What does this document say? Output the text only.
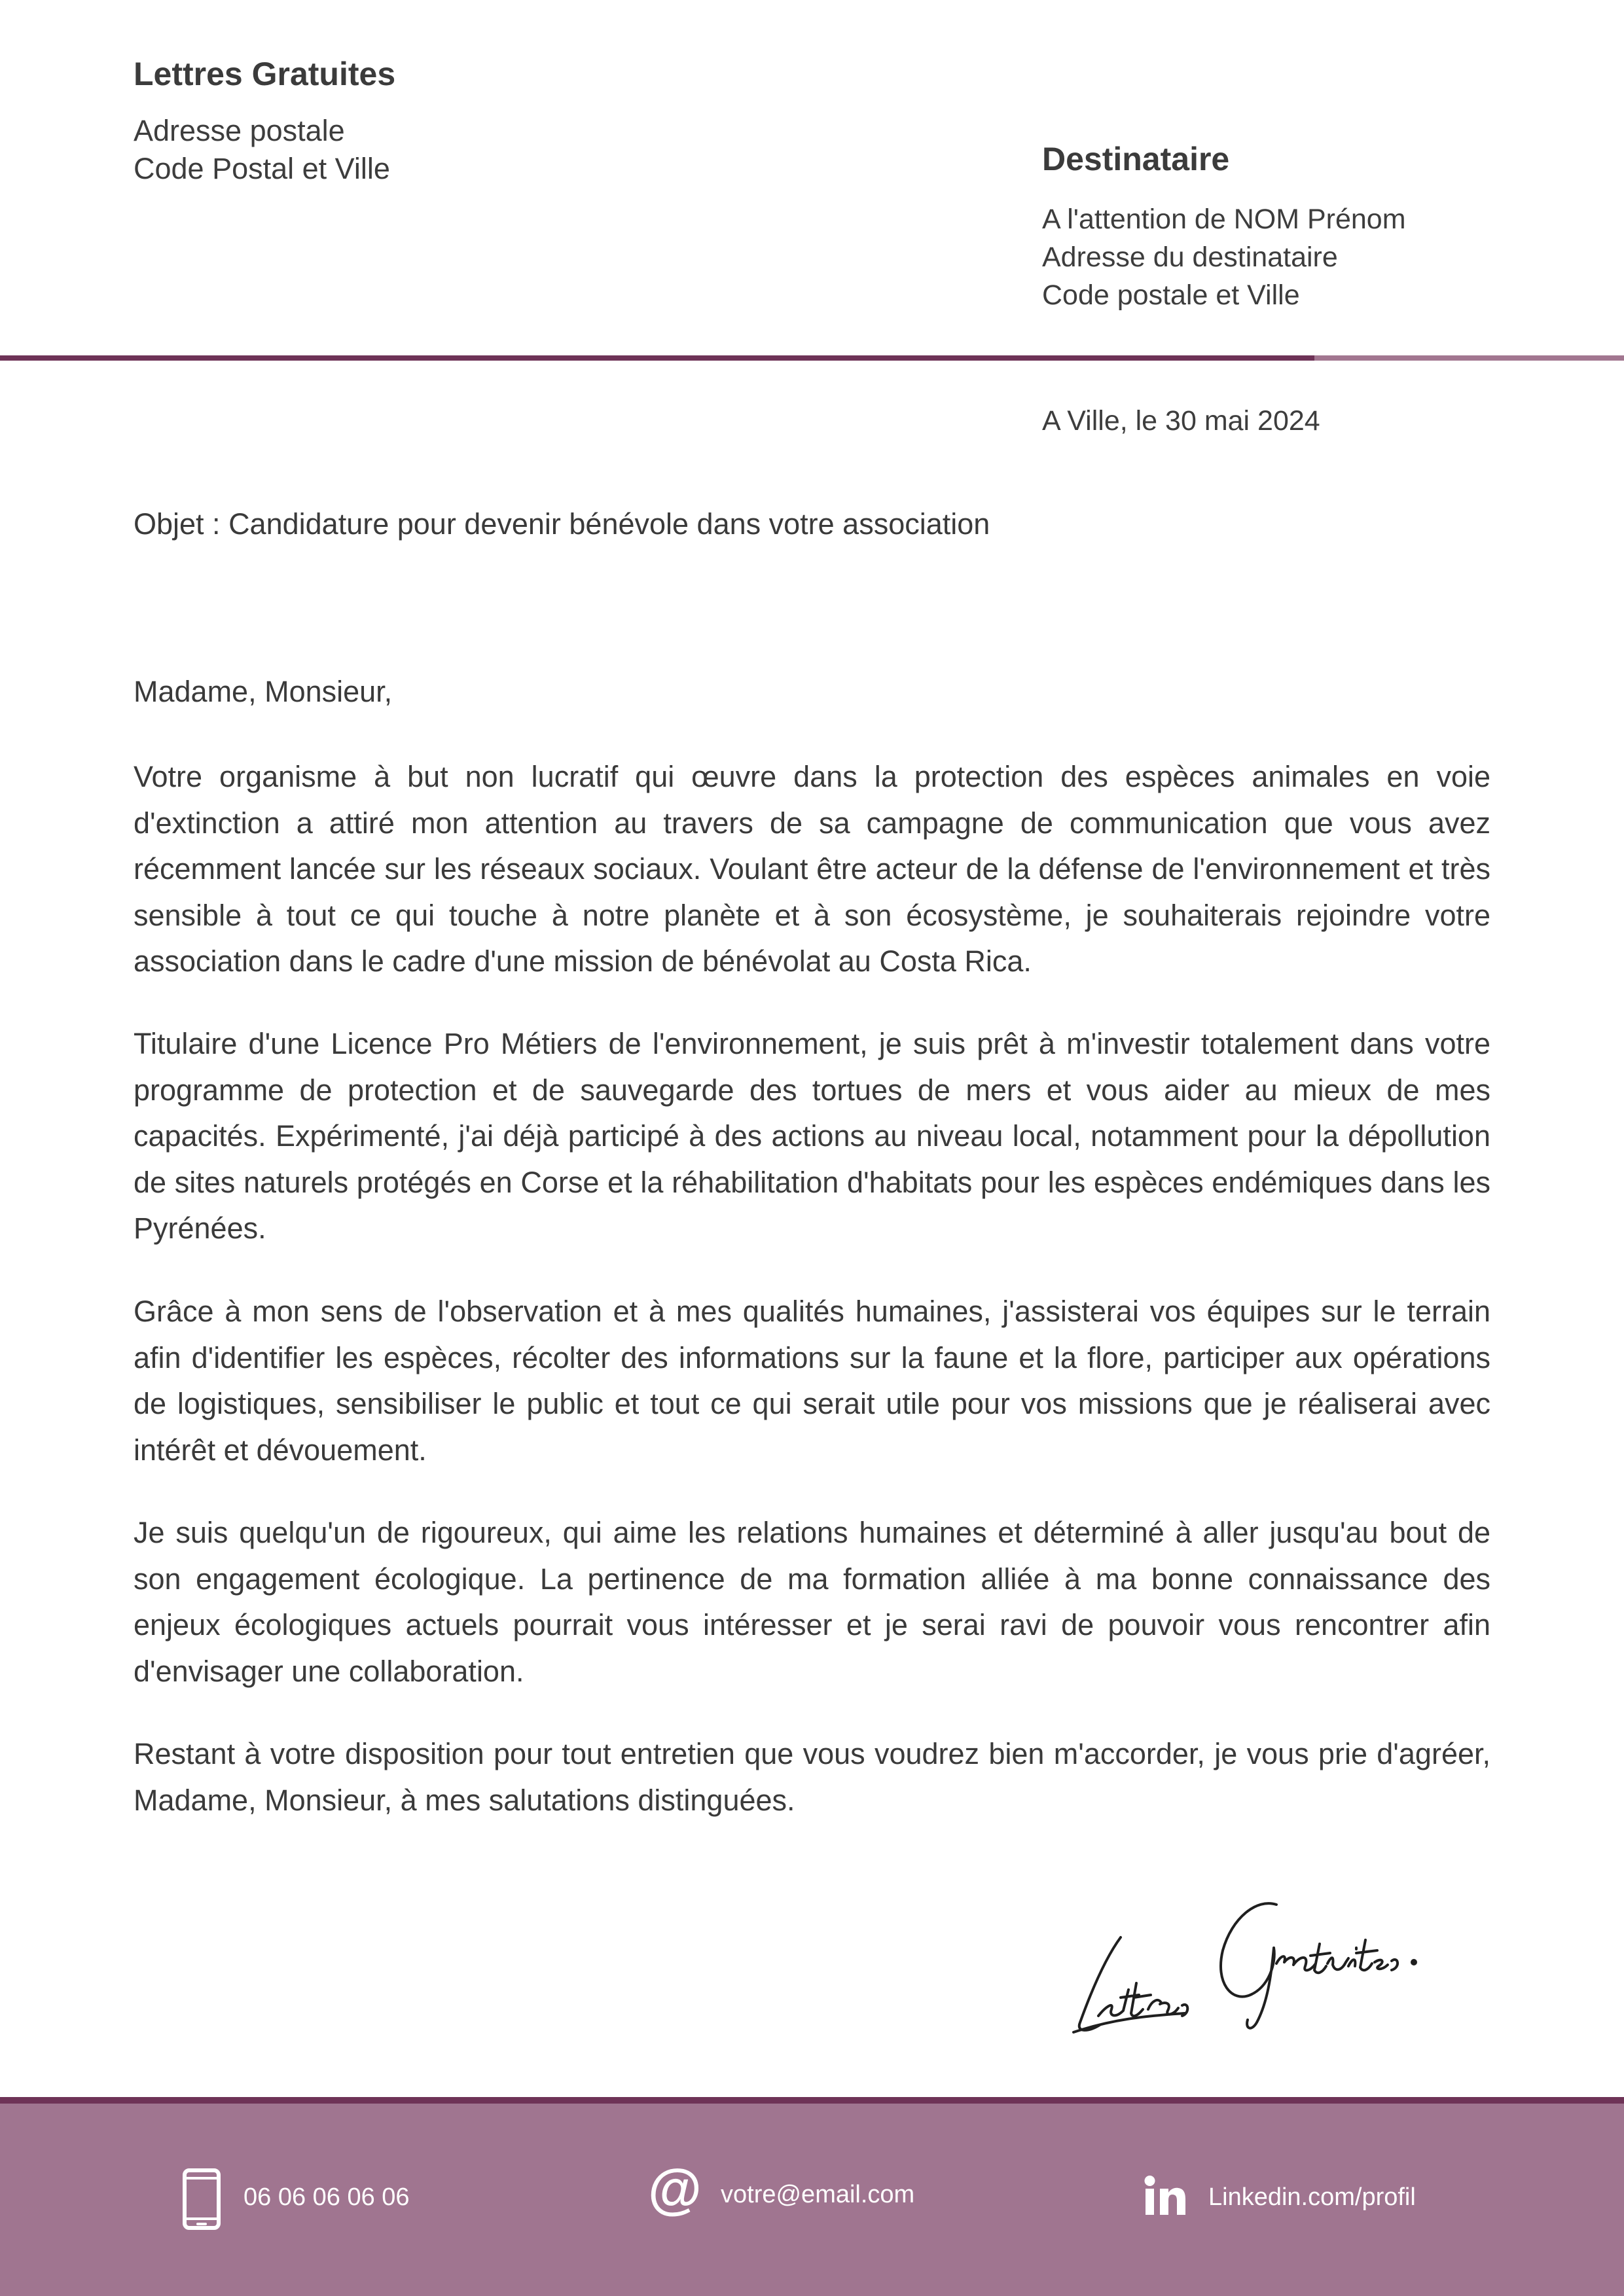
Lettres Gratuites
Adresse postale
Code Postal et Ville	Destinataire
A l'attention de NOM Prénom
Adresse du destinataire
Code postale et Ville
A Ville, le 30 mai 2024
Objet : Candidature pour devenir bénévole dans votre association
Madame, Monsieur,

Votre organisme à but non lucratif qui œuvre dans la protection des espèces animales en voie d'extinction a attiré mon attention au travers de sa campagne de communication que vous avez récemment lancée sur les réseaux sociaux. Voulant être acteur de la défense de l'environnement et très sensible à tout ce qui touche à notre planète et à son écosystème, je souhaiterais rejoindre votre association dans le cadre d'une mission de bénévolat au Costa Rica.

Titulaire d'une Licence Pro Métiers de l'environnement, je suis prêt à m'investir totalement dans votre programme de protection et de sauvegarde des tortues de mers et vous aider au mieux de mes capacités. Expérimenté, j'ai déjà participé à des actions au niveau local, notamment pour la dépollution de sites naturels protégés en Corse et la réhabilitation d'habitats pour les espèces endémiques dans les Pyrénées.

Grâce à mon sens de l'observation et à mes qualités humaines, j'assisterai vos équipes sur le terrain afin d'identifier les espèces, récolter des informations sur la faune et la flore, participer aux opérations de logistiques, sensibiliser le public et tout ce qui serait utile pour vos missions que je réaliserai avec intérêt et dévouement.

Je suis quelqu'un de rigoureux, qui aime les relations humaines et déterminé à aller jusqu'au bout de son engagement écologique. La pertinence de ma formation alliée à ma bonne connaissance des enjeux écologiques actuels pourrait vous intéresser et je serai ravi de pouvoir vous rencontrer afin d'envisager une collaboration.

Restant à votre disposition pour tout entretien que vous voudrez bien m'accorder, je vous prie d'agréer, Madame, Monsieur, à mes salutations distinguées.

06 06 06 06 06	@ votre@email.com	Linkedin.com/profil
